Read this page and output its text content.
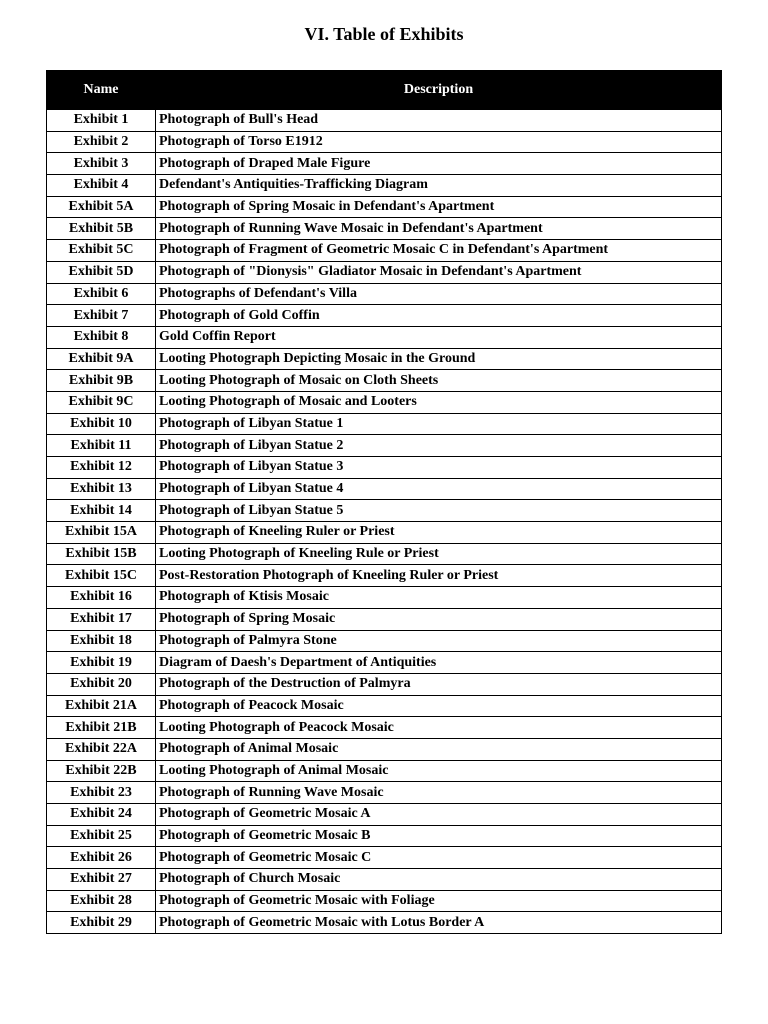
VI. Table of Exhibits
Name	Description
Exhibit 1	Photograph of Bull's Head
Exhibit 2	Photograph of Torso E1912
Exhibit 3	Photograph of Draped Male Figure
Exhibit 4	Defendant's Antiquities-Trafficking Diagram
Exhibit 5A	Photograph of Spring Mosaic in Defendant's Apartment
Exhibit 5B	Photograph of Running Wave Mosaic in Defendant's Apartment
Exhibit 5C	Photograph of Fragment of Geometric Mosaic C in Defendant's Apartment
Exhibit 5D	Photograph of "Dionysis" Gladiator Mosaic in Defendant's Apartment
Exhibit 6	Photographs of Defendant's Villa
Exhibit 7	Photograph of Gold Coffin
Exhibit 8	Gold Coffin Report
Exhibit 9A	Looting Photograph Depicting Mosaic in the Ground
Exhibit 9B	Looting Photograph of Mosaic on Cloth Sheets
Exhibit 9C	Looting Photograph of Mosaic and Looters
Exhibit 10	Photograph of Libyan Statue 1
Exhibit 11	Photograph of Libyan Statue 2
Exhibit 12	Photograph of Libyan Statue 3
Exhibit 13	Photograph of Libyan Statue 4
Exhibit 14	Photograph of Libyan Statue 5
Exhibit 15A	Photograph of Kneeling Ruler or Priest
Exhibit 15B	Looting Photograph of Kneeling Rule or Priest
Exhibit 15C	Post-Restoration Photograph of Kneeling Ruler or Priest
Exhibit 16	Photograph of Ktisis Mosaic
Exhibit 17	Photograph of Spring Mosaic
Exhibit 18	Photograph of Palmyra Stone
Exhibit 19	Diagram of Daesh's Department of Antiquities
Exhibit 20	Photograph of the Destruction of Palmyra
Exhibit 21A	Photograph of Peacock Mosaic
Exhibit 21B	Looting Photograph of Peacock Mosaic
Exhibit 22A	Photograph of Animal Mosaic
Exhibit 22B	Looting Photograph of Animal Mosaic
Exhibit 23	Photograph of Running Wave Mosaic
Exhibit 24	Photograph of Geometric Mosaic A
Exhibit 25	Photograph of Geometric Mosaic B
Exhibit 26	Photograph of Geometric Mosaic C
Exhibit 27	Photograph of Church Mosaic
Exhibit 28	Photograph of Geometric Mosaic with Foliage
Exhibit 29	Photograph of Geometric Mosaic with Lotus Border A
